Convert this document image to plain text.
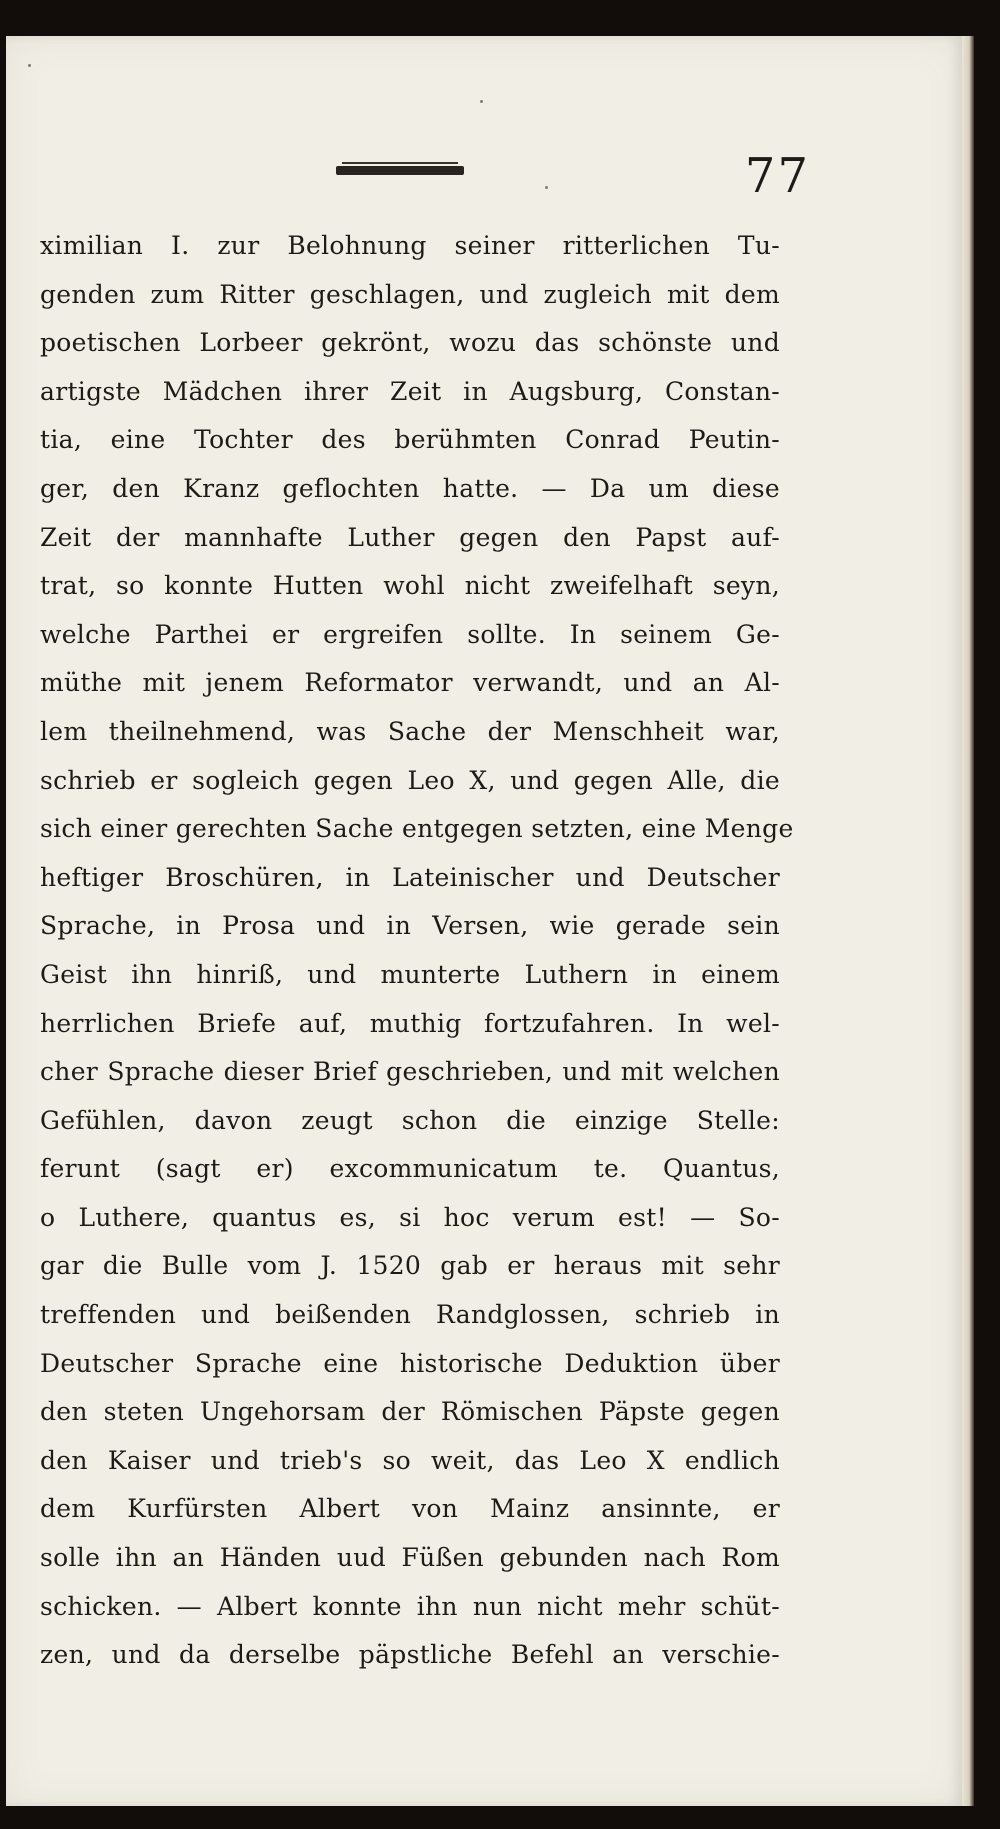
77
ximilian I. zur Belohnung seiner ritterlichen Tu-
genden zum Ritter geschlagen, und zugleich mit dem
poetischen Lorbeer gekrönt, wozu das schönste und
artigste Mädchen ihrer Zeit in Augsburg, Constan-
tia, eine Tochter des berühmten Conrad Peutin-
ger, den Kranz geflochten hatte. — Da um diese
Zeit der mannhafte Luther gegen den Papst auf-
trat, so konnte Hutten wohl nicht zweifelhaft seyn,
welche Parthei er ergreifen sollte. In seinem Ge-
müthe mit jenem Reformator verwandt, und an Al-
lem theilnehmend, was Sache der Menschheit war,
schrieb er sogleich gegen Leo X, und gegen Alle, die
sich einer gerechten Sache entgegen setzten, eine Menge
heftiger Broschüren, in Lateinischer und Deutscher
Sprache, in Prosa und in Versen, wie gerade sein
Geist ihn hinriß, und munterte Luthern in einem
herrlichen Briefe auf, muthig fortzufahren. In wel-
cher Sprache dieser Brief geschrieben, und mit welchen
Gefühlen, davon zeugt schon die einzige Stelle:
ferunt (sagt er) excommunicatum te. Quantus,
o Luthere, quantus es, si hoc verum est! — So-
gar die Bulle vom J. 1520 gab er heraus mit sehr
treffenden und beißenden Randglossen, schrieb in
Deutscher Sprache eine historische Deduktion über
den steten Ungehorsam der Römischen Päpste gegen
den Kaiser und trieb's so weit, das Leo X endlich
dem Kurfürsten Albert von Mainz ansinnte, er
solle ihn an Händen uud Füßen gebunden nach Rom
schicken. — Albert konnte ihn nun nicht mehr schüt-
zen, und da derselbe päpstliche Befehl an verschie-
